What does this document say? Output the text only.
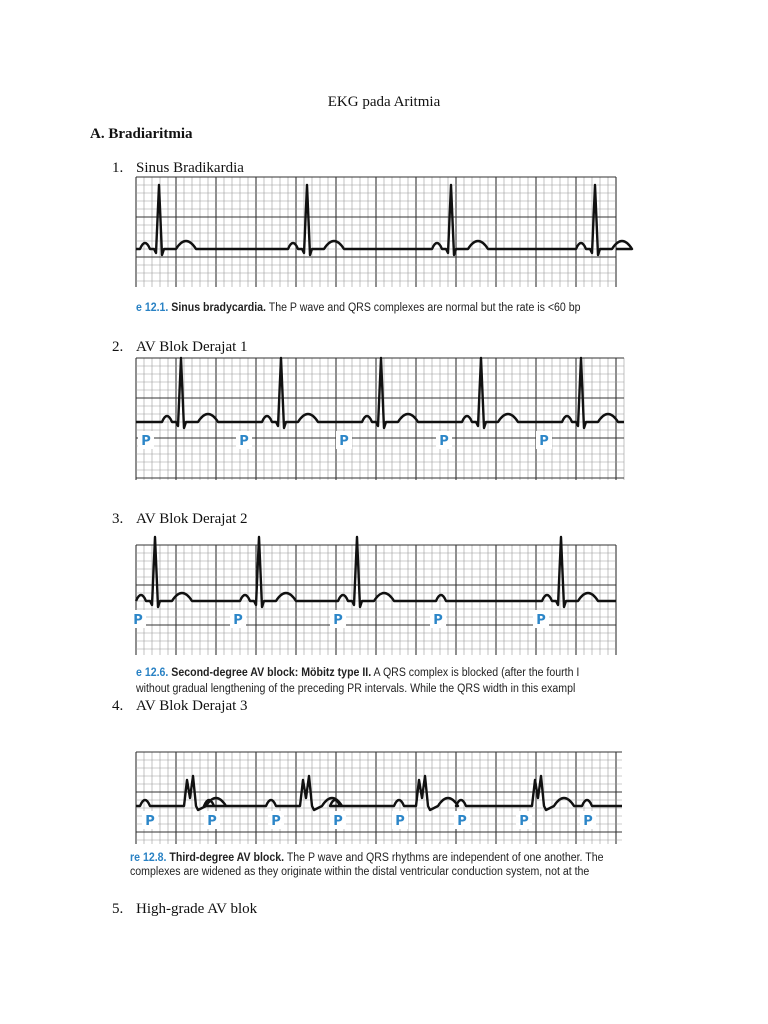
EKG pada Aritmia
A. Bradiaritmia
1. Sinus Bradikardia
e 12.1. Sinus bradycardia. The P wave and QRS complexes are normal but the rate is <60 bp
2. AV Blok Derajat 1
P	P	P	P	P
3. AV Blok Derajat 2
P	P	P	P	P
e 12.6. Second-degree AV block: Möbitz type II. A QRS complex is blocked (after the fourth I
without gradual lengthening of the preceding PR intervals. While the QRS width in this exampl
4. AV Blok Derajat 3
P	P	P	P	P	P	P	P
re 12.8. Third-degree AV block. The P wave and QRS rhythms are independent of one another. The
complexes are widened as they originate within the distal ventricular conduction system, not at the
5. High-grade AV blok
